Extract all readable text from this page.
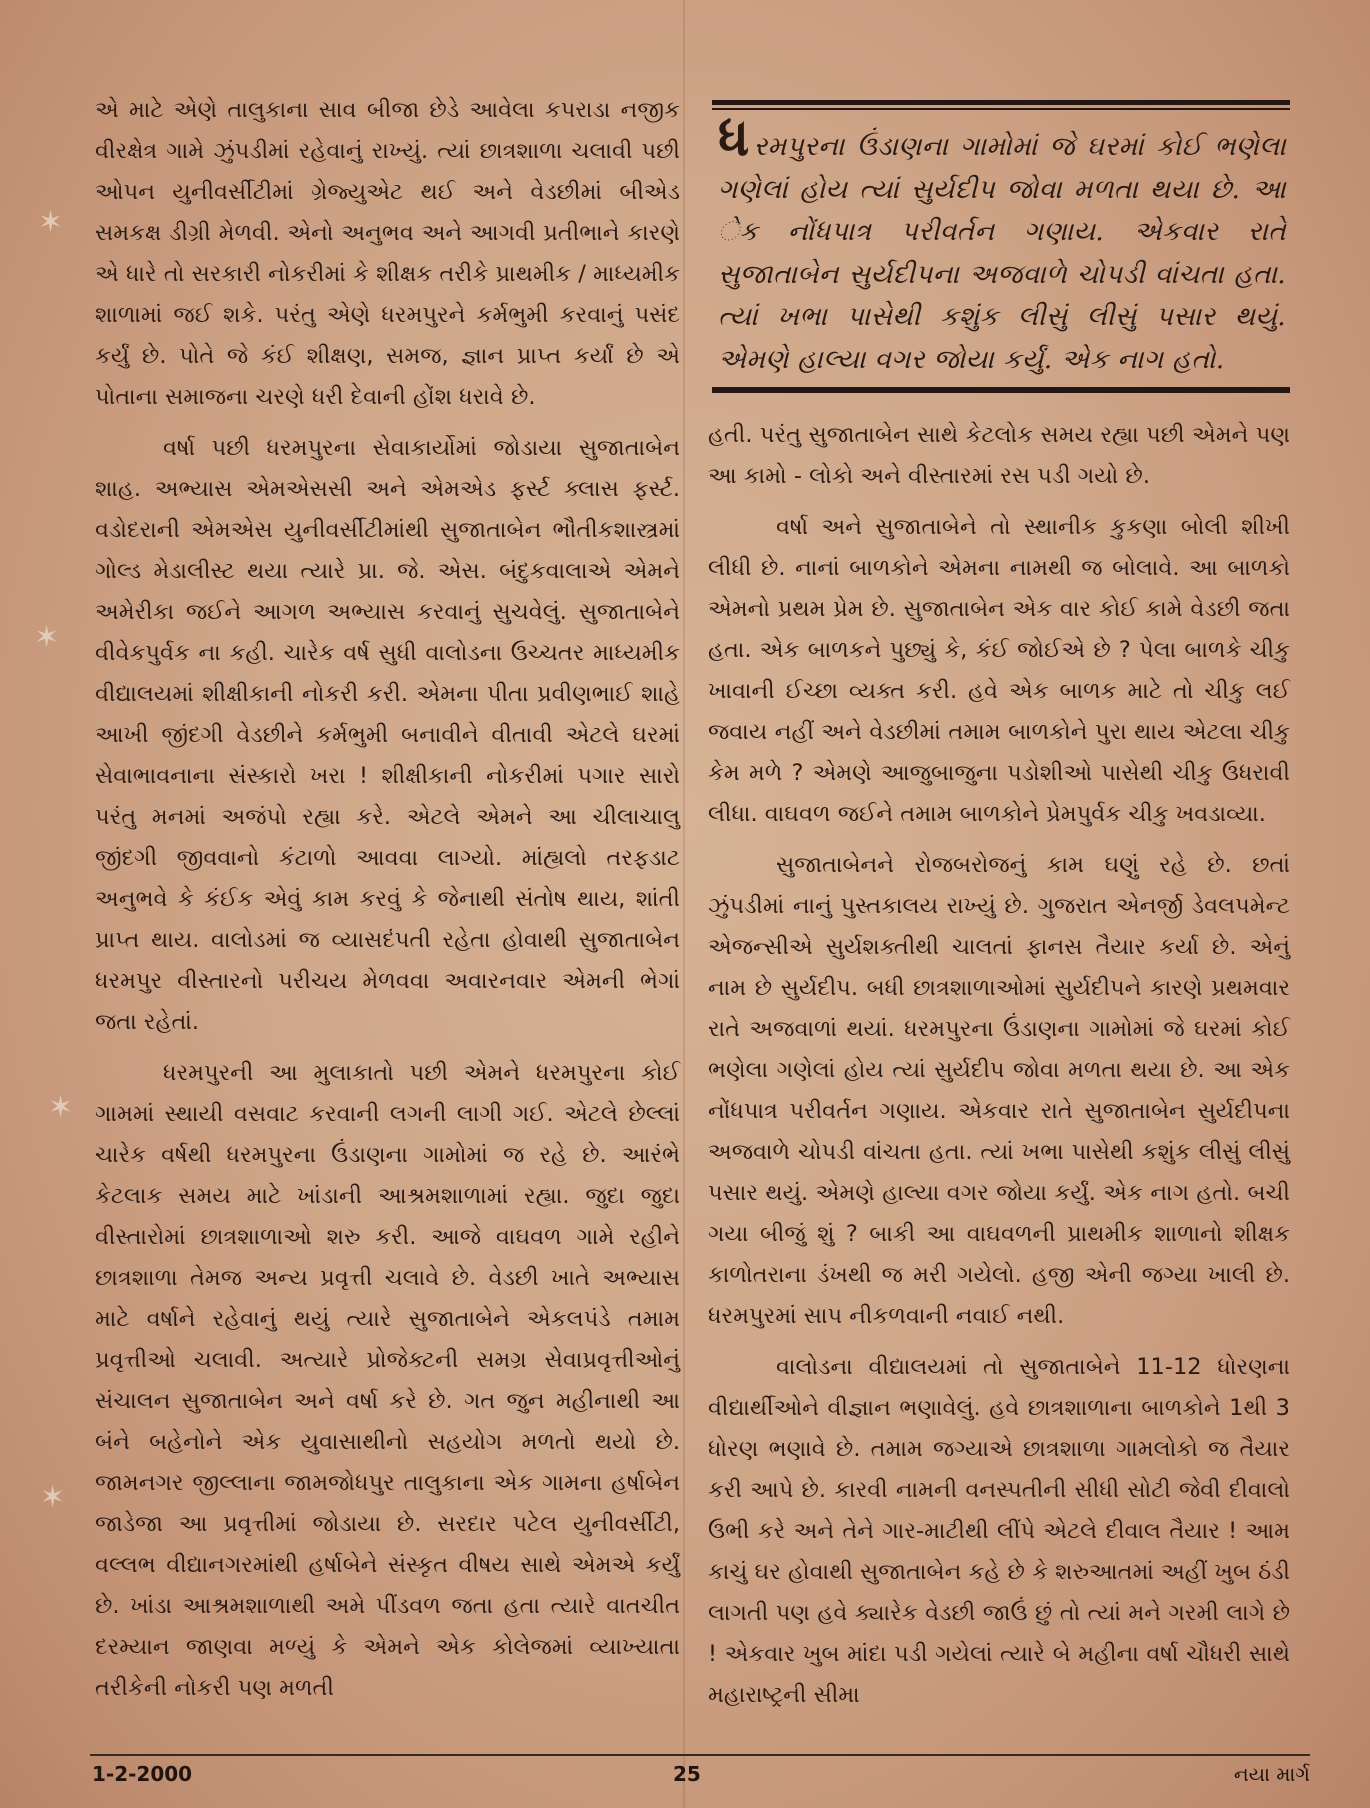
✶
✶
✶
✶

એ માટે એણે તાલુકાના સાવ બીજા છેડે આવેલા કપરાડા નજીક વીરક્ષેત્ર ગામે ઝુંપડીમાં રહેવાનું રાખ્યું. ત્યાં છાત્રશાળા ચલાવી પછી ઓપન યુનીવર્સીટીમાં ગ્રેજ્યુએટ થઈ અને વેડછીમાં બીએડ સમકક્ષ ડીગ્રી મેળવી. એનો અનુભવ અને આગવી પ્રતીભાને કારણે એ ધારે તો સરકારી નોકરીમાં કે શીક્ષક તરીકે પ્રાથમીક / માધ્યમીક શાળામાં જઈ શકે. પરંતુ એણે ધરમપુરને કર્મભુમી કરવાનું પસંદ કર્યું છે. પોતે જે કંઈ શીક્ષણ, સમજ, જ્ઞાન પ્રાપ્ત કર્યાં છે એ પોતાના સમાજના ચરણે ધરી દેવાની હોંશ ધરાવે છે.

વર્ષા પછી ધરમપુરના સેવાકાર્યોમાં જોડાયા સુજાતાબેન શાહ. અભ્યાસ એમએસસી અને એમએડ ફર્સ્ટ ક્લાસ ફર્સ્ટ. વડોદરાની એમએસ યુનીવર્સીટીમાંથી સુજાતાબેન ભૌતીકશાસ્ત્રમાં ગોલ્ડ મેડાલીસ્ટ થયા ત્યારે પ્રા. જે. એસ. બંદુકવાલાએ એમને અમેરીકા જઈને આગળ અભ્યાસ કરવાનું સુચવેલું. સુજાતાબેને વીવેકપુર્વક ના કહી. ચારેક વર્ષ સુધી વાલોડના ઉચ્ચતર માધ્યમીક વીદ્યાલયમાં શીક્ષીકાની નોકરી કરી. એમના પીતા પ્રવીણભાઈ શાહે આખી જીંદગી વેડછીને કર્મભુમી બનાવીને વીતાવી એટલે ઘરમાં સેવાભાવનાના સંસ્કારો ખરા ! શીક્ષીકાની નોકરીમાં પગાર સારો પરંતુ મનમાં અજંપો રહ્યા કરે. એટલે એમને આ ચીલાચાલુ જીંદગી જીવવાનો કંટાળો આવવા લાગ્યો. માંહ્યલો તરફડાટ અનુભવે કે કંઈક એવું કામ કરવું કે જેનાથી સંતોષ થાય, શાંતી પ્રાપ્ત થાય. વાલોડમાં જ વ્યાસદંપતી રહેતા હોવાથી સુજાતાબેન ધરમપુર વીસ્તારનો પરીચય મેળવવા અવારનવાર એમની ભેગાં જતા રહેતાં.

ધરમપુરની આ મુલાકાતો પછી એમને ધરમપુરના કોઈ ગામમાં સ્થાયી વસવાટ કરવાની લગની લાગી ગઈ. એટલે છેલ્લાં ચારેક વર્ષથી ધરમપુરના ઉંડાણના ગામોમાં જ રહે છે. આરંભે કેટલાક સમય માટે ખાંડાની આશ્રમશાળામાં રહ્યા. જુદા જુદા વીસ્તારોમાં છાત્રશાળાઓ શરુ કરી. આજે વાઘવળ ગામે રહીને છાત્રશાળા તેમજ અન્ય પ્રવૃત્તી ચલાવે છે. વેડછી ખાતે અભ્યાસ માટે વર્ષાને રહેવાનું થયું ત્યારે સુજાતાબેને એકલપંડે તમામ પ્રવૃત્તીઓ ચલાવી. અત્યારે પ્રોજેક્ટની સમગ્ર સેવાપ્રવૃત્તીઓનું સંચાલન સુજાતાબેન અને વર્ષા કરે છે. ગત જુન મહીનાથી આ બંને બહેનોને એક યુવાસાથીનો સહયોગ મળતો થયો છે. જામનગર જીલ્લાના જામજોધપુર તાલુકાના એક ગામના હર્ષાબેન જાડેજા આ પ્રવૃત્તીમાં જોડાયા છે. સરદાર પટેલ યુનીવર્સીટી, વલ્લભ વીદ્યાનગરમાંથી હર્ષાબેને સંસ્કૃત વીષય સાથે એમએ કર્યું છે. ખાંડા આશ્રમશાળાથી અમે પીંડવળ જતા હતા ત્યારે વાતચીત દરમ્યાન જાણવા મળ્યું કે એમને એક કોલેજમાં વ્યાખ્યાતા તરીકેની નોકરી પણ મળતી

ધરમપુરના ઉંડાણના ગામોમાં જે ઘરમાં કોઈ ભણેલા ગણેલાં હોય ત્યાં સુર્યદીપ જોવા મળતા થયા છે. આ ેક નોંધપાત્ર પરીવર્તન ગણાય. એકવાર રાતે સુજાતાબેન સુર્યદીપના અજવાળે ચોપડી વાંચતા હતા. ત્યાં ખભા પાસેથી કશુંક લીસું લીસું પસાર થયું. એમણે હાલ્યા વગર જોયા કર્યું. એક નાગ હતો.

હતી. પરંતુ સુજાતાબેન સાથે કેટલોક સમય રહ્યા પછી એમને પણ આ કામો - લોકો અને વીસ્તારમાં રસ પડી ગયો છે.

વર્ષા અને સુજાતાબેને તો સ્થાનીક કુકણા બોલી શીખી લીધી છે. નાનાં બાળકોને એમના નામથી જ બોલાવે. આ બાળકો એમનો પ્રથમ પ્રેમ છે. સુજાતાબેન એક વાર કોઈ કામે વેડછી જતા હતા. એક બાળકને પુછ્યું કે, કંઈ જોઈએ છે ? પેલા બાળકે ચીકુ ખાવાની ઈચ્છા વ્યક્ત કરી. હવે એક બાળક માટે તો ચીકુ લઈ જવાય નહીં અને વેડછીમાં તમામ બાળકોને પુરા થાય એટલા ચીકુ કેમ મળે ? એમણે આજુબાજુના પડોશીઓ પાસેથી ચીકુ ઉધરાવી લીધા. વાઘવળ જઈને તમામ બાળકોને પ્રેમપુર્વક ચીકુ ખવડાવ્યા.

સુજાતાબેનને રોજબરોજનું કામ ઘણું રહે છે. છતાં ઝુંપડીમાં નાનું પુસ્તકાલય રાખ્યું છે. ગુજરાત એનર્જી ડેવલપમેન્ટ એજન્સીએ સુર્યશક્તીથી ચાલતાં ફાનસ તૈયાર કર્યા છે. એનું નામ છે સુર્યદીપ. બધી છાત્રશાળાઓમાં સુર્યદીપને કારણે પ્રથમવાર રાતે અજવાળાં થયાં. ધરમપુરના ઉંડાણના ગામોમાં જે ઘરમાં કોઈ ભણેલા ગણેલાં હોય ત્યાં સુર્યદીપ જોવા મળતા થયા છે. આ એક નોંધપાત્ર પરીવર્તન ગણાય. એકવાર રાતે સુજાતાબેન સુર્યદીપના અજવાળે ચોપડી વાંચતા હતા. ત્યાં ખભા પાસેથી કશુંક લીસું લીસું પસાર થયું. એમણે હાલ્યા વગર જોયા કર્યું. એક નાગ હતો. બચી ગયા બીજું શું ? બાકી આ વાઘવળની પ્રાથમીક શાળાનો શીક્ષક કાળોતરાના ડંખથી જ મરી ગયેલો. હજી એની જગ્યા ખાલી છે. ધરમપુરમાં સાપ નીકળવાની નવાઈ નથી.

વાલોડના વીદ્યાલયમાં તો સુજાતાબેને 11-12 ધોરણના વીદ્યાર્થીઓને વીજ્ઞાન ભણાવેલું. હવે છાત્રશાળાના બાળકોને 1થી 3 ધોરણ ભણાવે છે. તમામ જગ્યાએ છાત્રશાળા ગામલોકો જ તૈયાર કરી આપે છે. કારવી નામની વનસ્પતીની સીધી સોટી જેવી દીવાલો ઉભી કરે અને તેને ગાર-માટીથી લીંપે એટલે દીવાલ તૈયાર ! આમ કાચું ઘર હોવાથી સુજાતાબેન કહે છે કે શરુઆતમાં અહીં ખુબ ઠંડી લાગતી પણ હવે ક્યારેક વેડછી જાઉં છું તો ત્યાં મને ગરમી લાગે છે ! એકવાર ખુબ માંદા પડી ગયેલાં ત્યારે બે મહીના વર્ષા ચૌધરી સાથે મહારાષ્ટ્રની સીમા

1-2-2000	25	નયા માર્ગ
